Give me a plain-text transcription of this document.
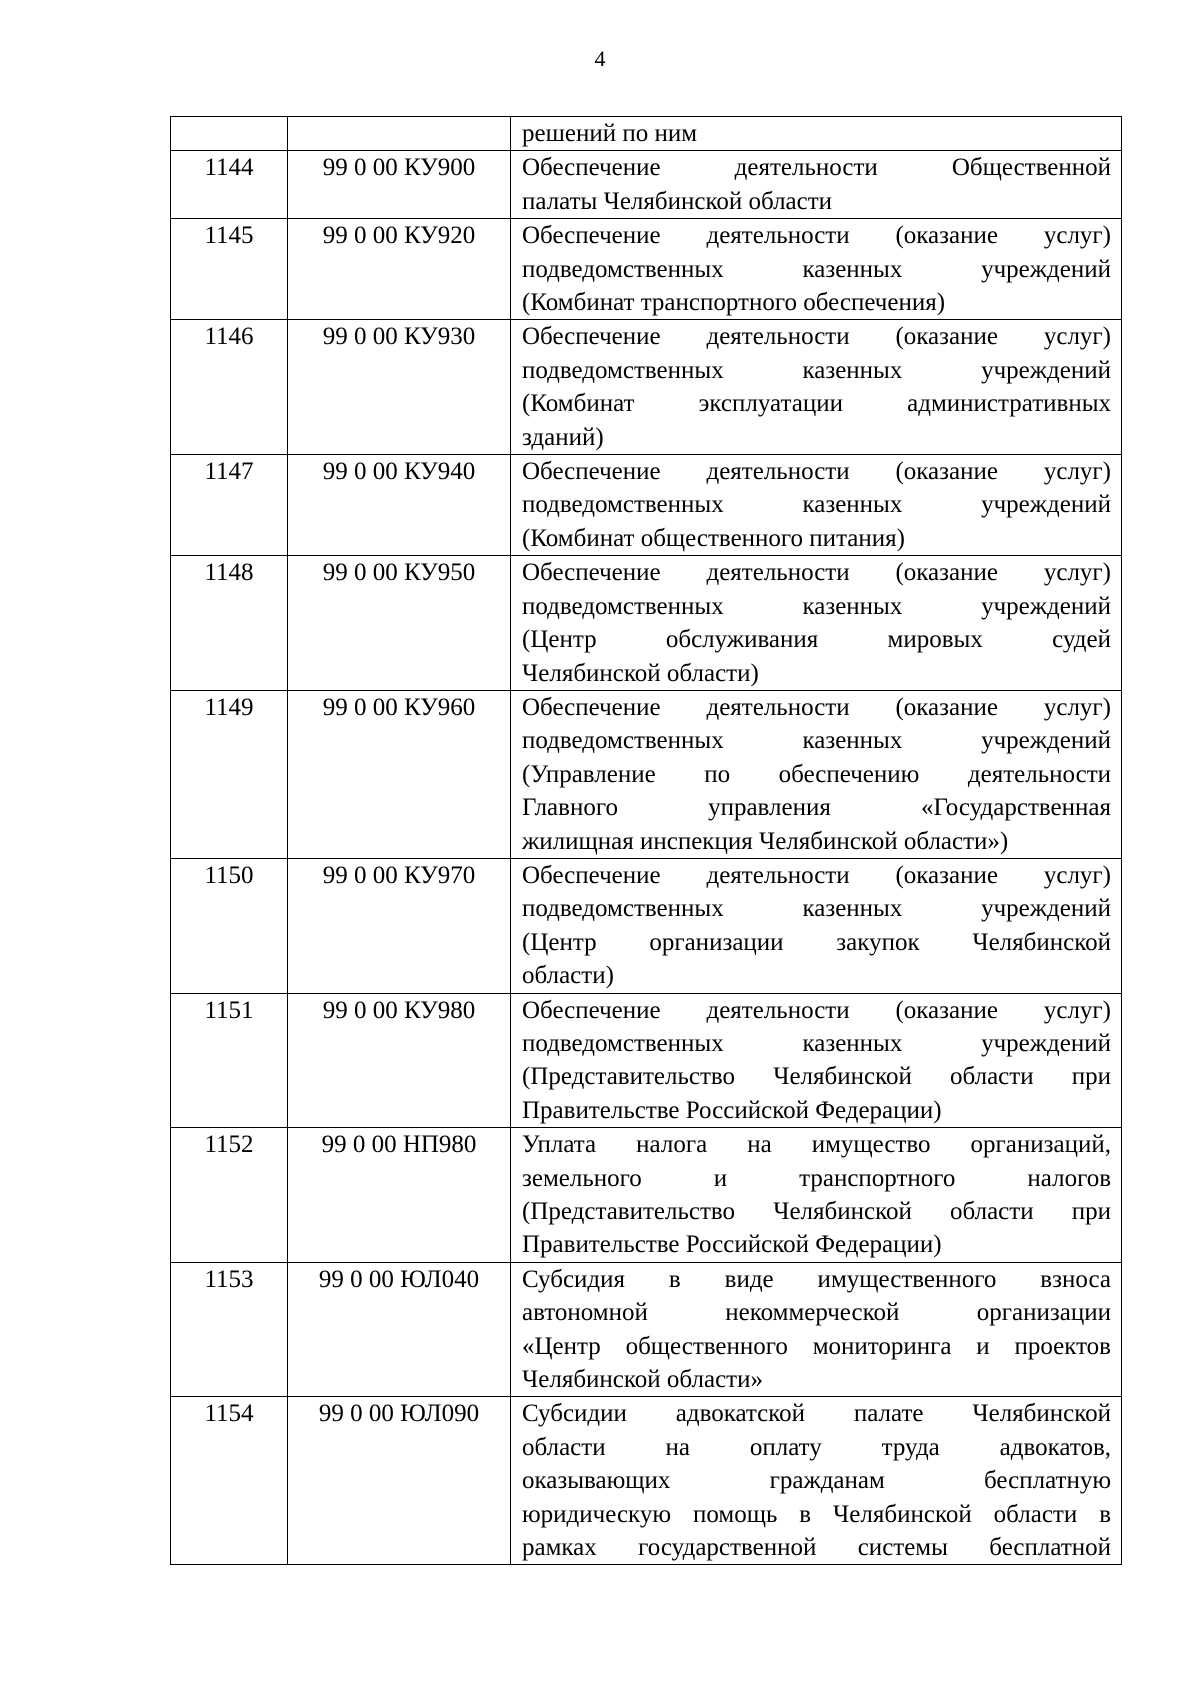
4

		решений по ним

1144	99 0 00 КУ900	Обеспечение деятельности Общественной
палаты Челябинской области

1145	99 0 00 КУ920	Обеспечение деятельности (оказание услуг)
подведомственных казенных учреждений
(Комбинат транспортного обеспечения)

1146	99 0 00 КУ930	Обеспечение деятельности (оказание услуг)
подведомственных казенных учреждений
(Комбинат эксплуатации административных
зданий)

1147	99 0 00 КУ940	Обеспечение деятельности (оказание услуг)
подведомственных казенных учреждений
(Комбинат общественного питания)

1148	99 0 00 КУ950	Обеспечение деятельности (оказание услуг)
подведомственных казенных учреждений
(Центр обслуживания мировых судей
Челябинской области)

1149	99 0 00 КУ960	Обеспечение деятельности (оказание услуг)
подведомственных казенных учреждений
(Управление по обеспечению деятельности
Главного управления «Государственная
жилищная инспекция Челябинской области»)

1150	99 0 00 КУ970	Обеспечение деятельности (оказание услуг)
подведомственных казенных учреждений
(Центр организации закупок Челябинской
области)

1151	99 0 00 КУ980	Обеспечение деятельности (оказание услуг)
подведомственных казенных учреждений
(Представительство Челябинской области при
Правительстве Российской Федерации)

1152	99 0 00 НП980	Уплата налога на имущество организаций,
земельного и транспортного налогов
(Представительство Челябинской области при
Правительстве Российской Федерации)

1153	99 0 00 ЮЛ040	Субсидия в виде имущественного взноса
автономной некоммерческой организации
«Центр общественного мониторинга и проектов
Челябинской области»

1154	99 0 00 ЮЛ090	Субсидии адвокатской палате Челябинской
области на оплату труда адвокатов,
оказывающих гражданам бесплатную
юридическую помощь в Челябинской области в
рамках государственной системы бесплатной
